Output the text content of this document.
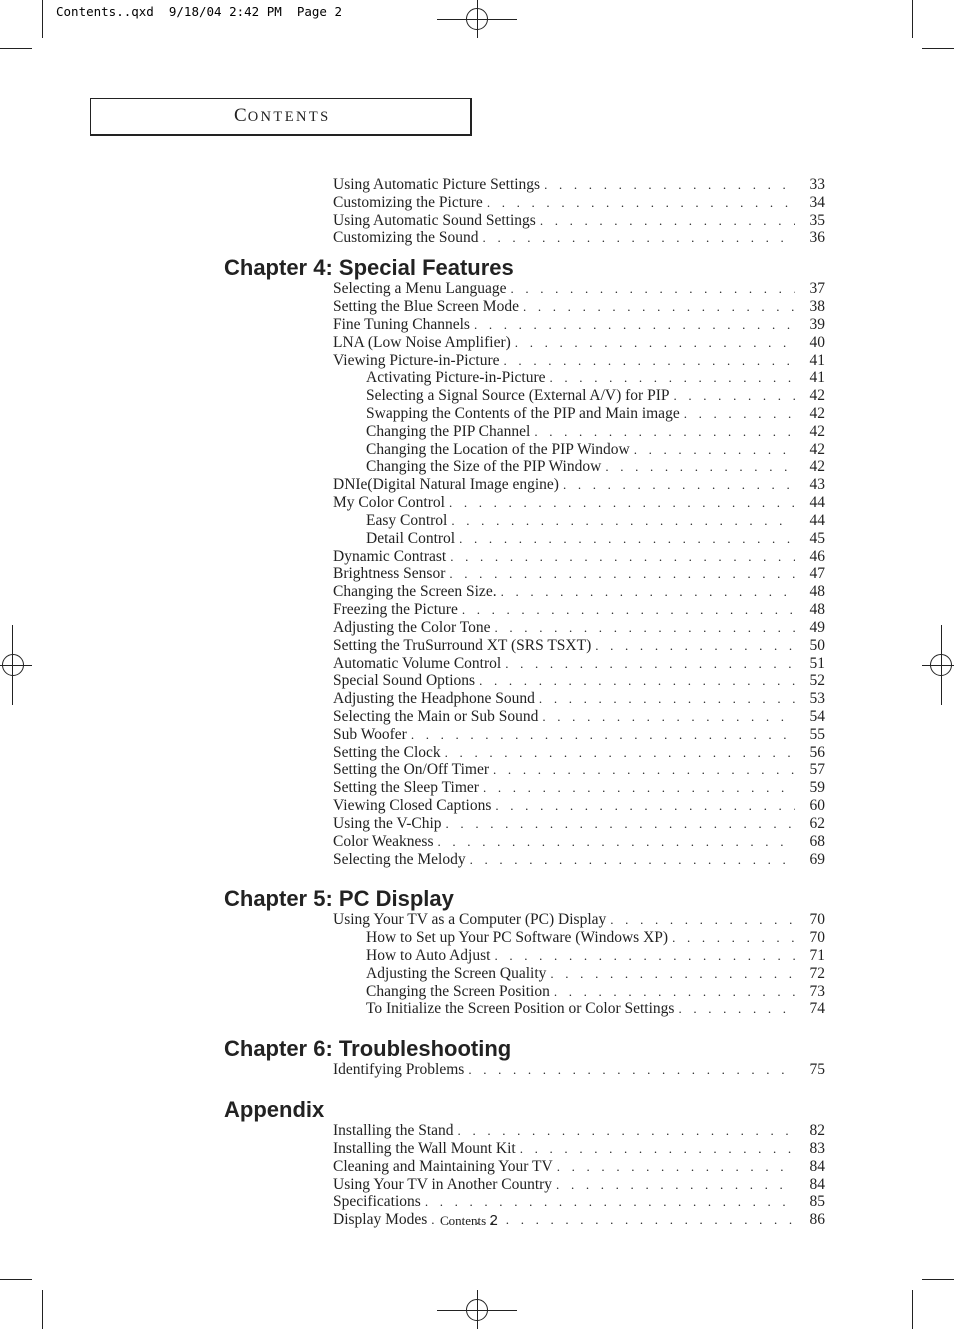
Contents..qxd  9/18/04 2:42 PM  Page 2
CONTENTS
Using Automatic Picture Settings . . .	33
Customizing the Picture . . .	34
Using Automatic Sound Settings . . .	35
Customizing the Sound . . .	36
Chapter 4: Special Features
Selecting a Menu Language . . .	37
Setting the Blue Screen Mode . . .	38
Fine Tuning Channels . . .	39
LNA (Low Noise Amplifier) . . .	40
Viewing Picture-in-Picture . . .	41
Activating Picture-in-Picture . . .	41
Selecting a Signal Source (External A/V) for PIP . . .	42
Swapping the Contents of the PIP and Main image . . .	42
Changing the PIP Channel . . .	42
Changing the Location of the PIP Window . . .	42
Changing the Size of the PIP Window . . .	42
DNIe(Digital Natural Image engine) . . .	43
My Color Control . . .	44
Easy Control . . .	44
Detail Control . . .	45
Dynamic Contrast . . .	46
Brightness Sensor . . .	47
Changing the Screen Size. . . .	48
Freezing the Picture . . .	48
Adjusting the Color Tone . . .	49
Setting the TruSurround XT (SRS TSXT) . . .	50
Automatic Volume Control . . .	51
Special Sound Options . . .	52
Adjusting the Headphone Sound . . .	53
Selecting the Main or Sub Sound . . .	54
Sub Woofer . . .	55
Setting the Clock . . .	56
Setting the On/Off Timer . . .	57
Setting the Sleep Timer . . .	59
Viewing Closed Captions . . .	60
Using the V-Chip . . .	62
Color Weakness . . .	68
Selecting the Melody . . .	69
Chapter 5: PC Display
Using Your TV as a Computer (PC) Display . . .	70
How to Set up Your PC Software (Windows XP) . . .	70
How to Auto Adjust . . .	71
Adjusting the Screen Quality . . .	72
Changing the Screen Position . . .	73
To Initialize the Screen Position or Color Settings . . .	74
Chapter 6: Troubleshooting
Identifying Problems . . .	75
Appendix
Installing the Stand . . .	82
Installing the Wall Mount Kit . . .	83
Cleaning and Maintaining Your TV . . .	84
Using Your TV in Another Country . . .	84
Specifications . . .	85
Display Modes . . .	86
Contents 2
